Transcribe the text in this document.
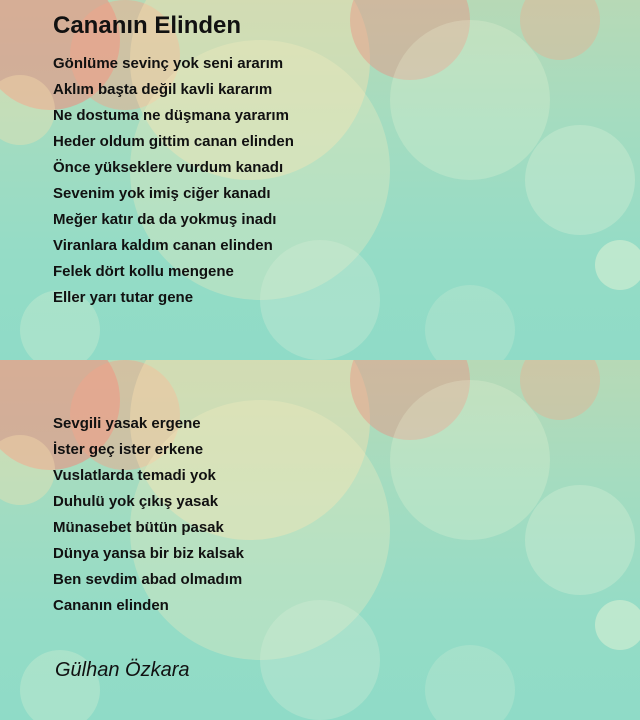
Cananın Elinden
Gönlüme sevinç yok seni ararım
Aklım başta değil kavli kararım
Ne dostuma ne düşmana yararım
Heder oldum gittim canan elinden
Önce yükseklere vurdum kanadı
Sevenim yok imiş ciğer kanadı
Meğer katır da da yokmuş inadı
Viranlara kaldım canan elinden
Felek dört kollu mengene
Eller yarı tutar gene
Sevgili yasak ergene
İster geç ister erkene
Vuslatlarda temadi yok
Duhulü yok çıkış yasak
Münasebet bütün pasak
Dünya yansa bir biz kalsak
Ben sevdim abad olmadım
Cananın elinden
Gülhan Özkara
